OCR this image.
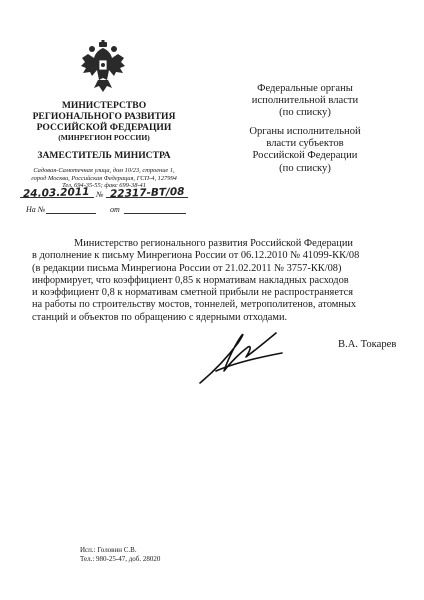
МИНИСТЕРСТВО
РЕГИОНАЛЬНОГО РАЗВИТИЯ
РОССИЙСКОЙ ФЕДЕРАЦИИ
(МИНРЕГИОН РОССИИ)
ЗАМЕСТИТЕЛЬ МИНИСТРА
Садовая-Самотечная улица, дом 10/23, строение 1,
город Москва, Российская Федерация, ГСП-4, 127994
Тел. 694-35-55; факс 699-38-41
24.03.2011 № 22317-ВТ/08
На №	от
Федеральные органы
исполнительной власти
(по списку)
Органы исполнительной
власти субъектов
Российской Федерации
(по списку)

Министерство регионального развития Российской Федерации

в дополнение к письму Минрегиона России от 06.12.2010 № 41099-КК/08

(в редакции письма Минрегиона России от 21.02.2011 № 3757-КК/08)

информирует, что коэффициент 0,85 к нормативам накладных расходов

и коэффициент 0,8 к нормативам сметной прибыли не распространяется

на работы по строительству мостов, тоннелей, метрополитенов, атомных

станций и объектов по обращению с ядерными отходами.

В.А. Токарев
Исп.: Головин С.В.
Тел.: 980-25-47, доб. 28020
